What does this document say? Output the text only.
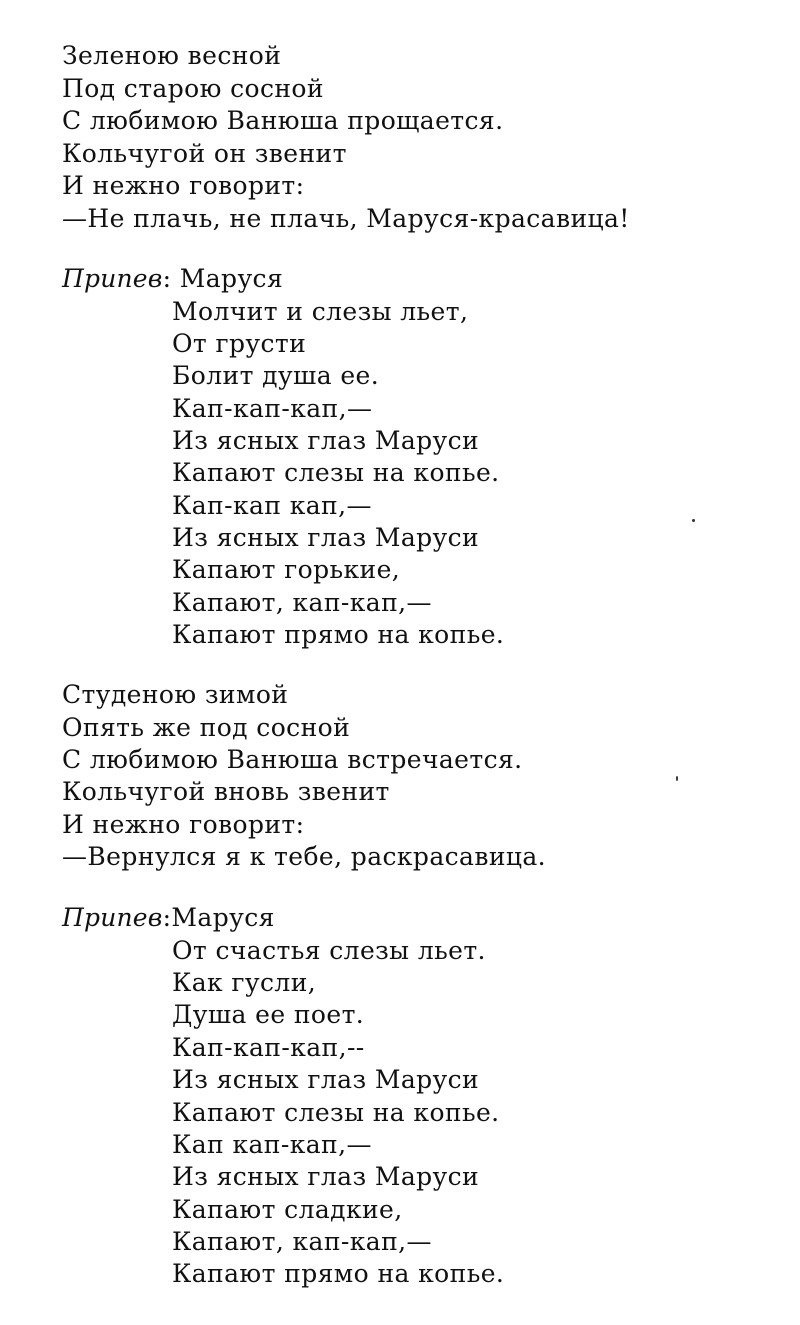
Зеленою весной
Под старою сосной
С любимою Ванюша прощается.
Кольчугой он звенит
И нежно говорит:
—Не плачь, не плачь, Маруся-красавица!
Припев: Маруся
Молчит и слезы льет,
От грусти
Болит душа ее.
Кап-кап-кап,—
Из ясных глаз Маруси
Капают слезы на копье.
Кап-кап кап,—
Из ясных глаз Маруси
Капают горькие,
Капают, кап-кап,—
Капают прямо на копье.
Студеною зимой
Опять же под сосной
С любимою Ванюша встречается.
Кольчугой вновь звенит
И нежно говорит:
—Вернулся я к тебе, раскрасавица.
Припев:Маруся
От счастья слезы льет.
Как гусли,
Душа ее поет.
Кап-кап-кап,--
Из ясных глаз Маруси
Капают слезы на копье.
Кап кап-кап,—
Из ясных глаз Маруси
Капают сладкие,
Капают, кап-кап,—
Капают прямо на копье.
